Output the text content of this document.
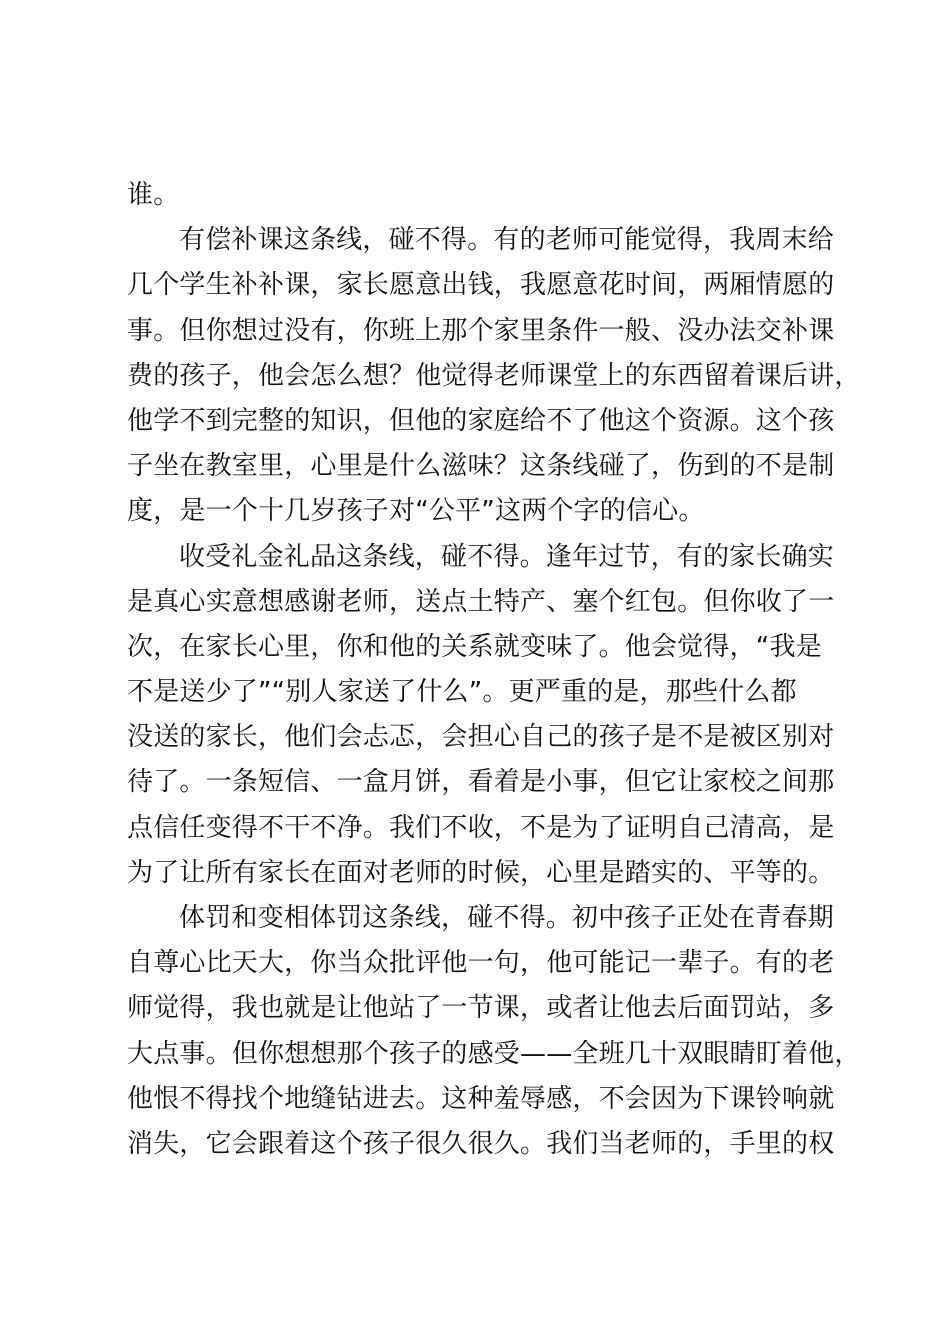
谁。
有偿补课这条线，碰不得。有的老师可能觉得，我周末给
几个学生补补课，家长愿意出钱，我愿意花时间，两厢情愿的
事。但你想过没有，你班上那个家里条件一般、没办法交补课
费的孩子，他会怎么想？他觉得老师课堂上的东西留着课后讲，
他学不到完整的知识，但他的家庭给不了他这个资源。这个孩
子坐在教室里，心里是什么滋味？这条线碰了，伤到的不是制
度，是一个十几岁孩子对“公平”这两个字的信心。
收受礼金礼品这条线，碰不得。逢年过节，有的家长确实
是真心实意想感谢老师，送点土特产、塞个红包。但你收了一
次，在家长心里，你和他的关系就变味了。他会觉得，“我是
不是送少了”“别人家送了什么”。更严重的是，那些什么都
没送的家长，他们会忐忑，会担心自己的孩子是不是被区别对
待了。一条短信、一盒月饼，看着是小事，但它让家校之间那
点信任变得不干不净。我们不收，不是为了证明自己清高，是
为了让所有家长在面对老师的时候，心里是踏实的、平等的。
体罚和变相体罚这条线，碰不得。初中孩子正处在青春期
自尊心比天大，你当众批评他一句，他可能记一辈子。有的老
师觉得，我也就是让他站了一节课，或者让他去后面罚站，多
大点事。但你想想那个孩子的感受——全班几十双眼睛盯着他，
他恨不得找个地缝钻进去。这种羞辱感，不会因为下课铃响就
消失，它会跟着这个孩子很久很久。我们当老师的，手里的权
